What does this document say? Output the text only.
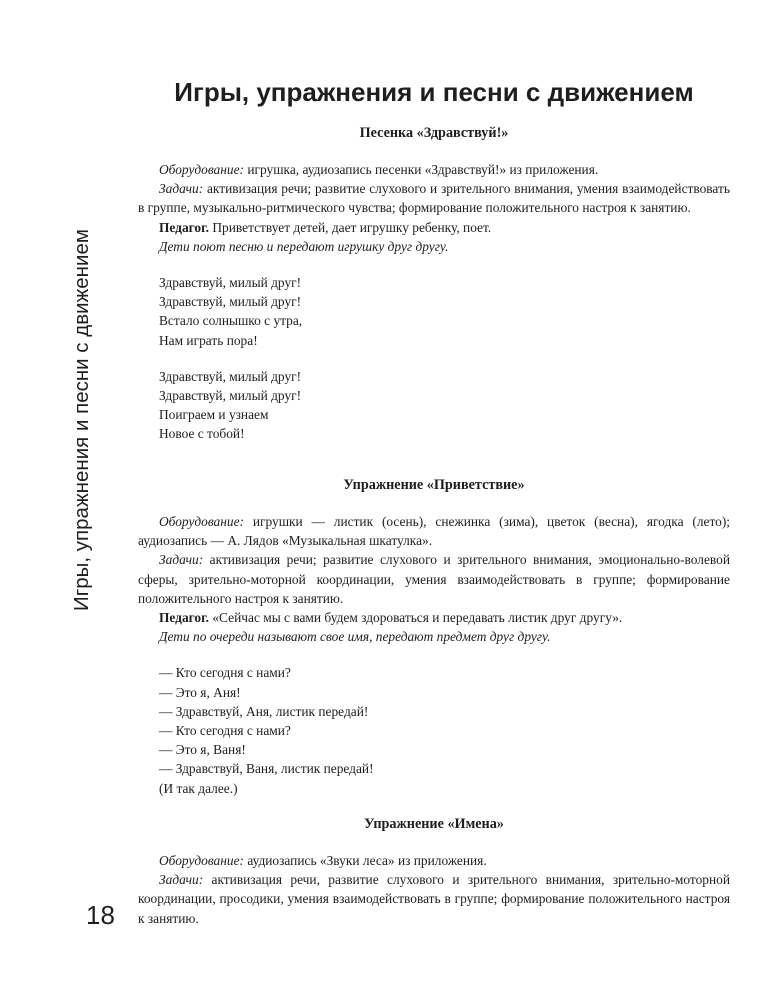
Игры, упражнения и песни с движением
18
Игры, упражнения и песни с движением
Песенка «Здравствуй!»

Оборудование: игрушка, аудиозапись песенки «Здравствуй!» из приложения.

Задачи: активизация речи; развитие слухового и зрительного внимания, умения взаимодействовать в группе, музыкально-ритмического чувства; формирование положительного настроя к занятию.

Педагог. Приветствует детей, дает игрушку ребенку, поет.

Дети поют песню и передают игрушку друг другу.

Здравствуй, милый друг!
Здравствуй, милый друг!
Встало солнышко с утра,
Нам играть пора!
Здравствуй, милый друг!
Здравствуй, милый друг!
Поиграем и узнаем
Новое с тобой!
Упражнение «Приветствие»

Оборудование: игрушки — листик (осень), снежинка (зима), цветок (весна), ягодка (лето); аудиозапись — А. Лядов «Музыкальная шкатулка».

Задачи: активизация речи; развитие слухового и зрительного внимания, эмоционально-волевой сферы, зрительно-моторной координации, умения взаимодействовать в группе; формирование положительного настроя к занятию.

Педагог. «Сейчас мы с вами будем здороваться и передавать листик друг другу».

Дети по очереди называют свое имя, передают предмет друг другу.

— Кто сегодня с нами?
— Это я, Аня!
— Здравствуй, Аня, листик передай!
— Кто сегодня с нами?
— Это я, Ваня!
— Здравствуй, Ваня, листик передай!
(И так далее.)
Упражнение «Имена»

Оборудование: аудиозапись «Звуки леса» из приложения.

Задачи: активизация речи, развитие слухового и зрительного внимания, зрительно-моторной координации, просодики, умения взаимодействовать в группе; формирование положительного настроя к занятию.
